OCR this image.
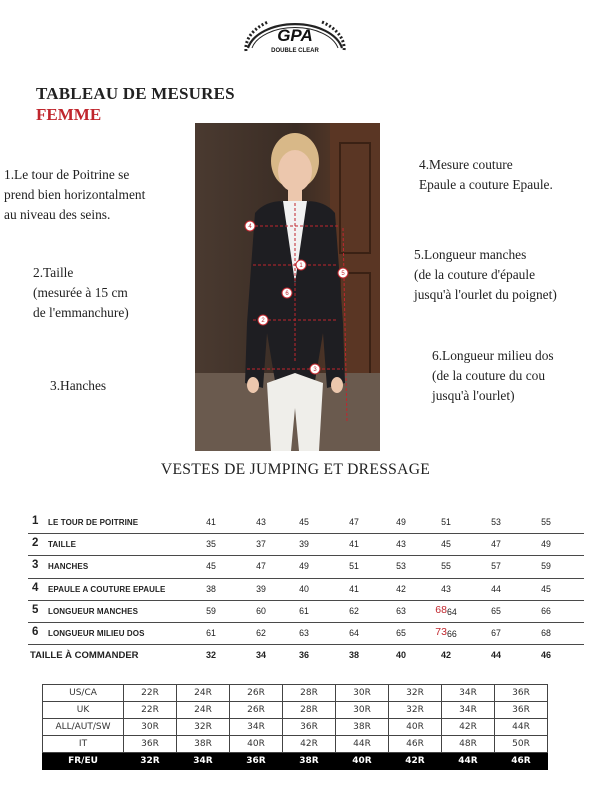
GPA
DOUBLE CLEAR
TABLEAU DE MESURES
FEMME
1.Le tour de Poitrine se
prend bien horizontalment
au niveau des seins.
2.Taille
(mesurée à 15 cm
de l'emmanchure)
3.Hanches
4.Mesure couture
Epaule a couture Epaule.
5.Longueur manches
(de la couture d'épaule
jusqu'à l'ourlet du poignet)
6.Longueur milieu dos
(de la couture du cou
jusqu'à l'ourlet)
1
2
3
4
5
6
VESTES DE JUMPING ET DRESSAGE
1 LE TOUR DE POITRINE	41	43	45	47	49	51	53	55
2 TAILLE	35	37	39	41	43	45	47	49
3 HANCHES	45	47	49	51	53	55	57	59
4 EPAULE A COUTURE EPAULE	38	39	40	41	42	43	44	45
5 LONGUEUR MANCHES	59	60	61	62	63	6864	65	66
6 LONGUEUR MILIEU DOS	61	62	63	64	65	7366	67	68
TAILLE À COMMANDER	32	34	36	38	40	42	44	46
US/CA	22R	24R	26R	28R	30R	32R	34R	36R
UK	22R	24R	26R	28R	30R	32R	34R	36R
ALL/AUT/SW	30R	32R	34R	36R	38R	40R	42R	44R
IT	36R	38R	40R	42R	44R	46R	48R	50R
FR/EU	32R	34R	36R	38R	40R	42R	44R	46R
